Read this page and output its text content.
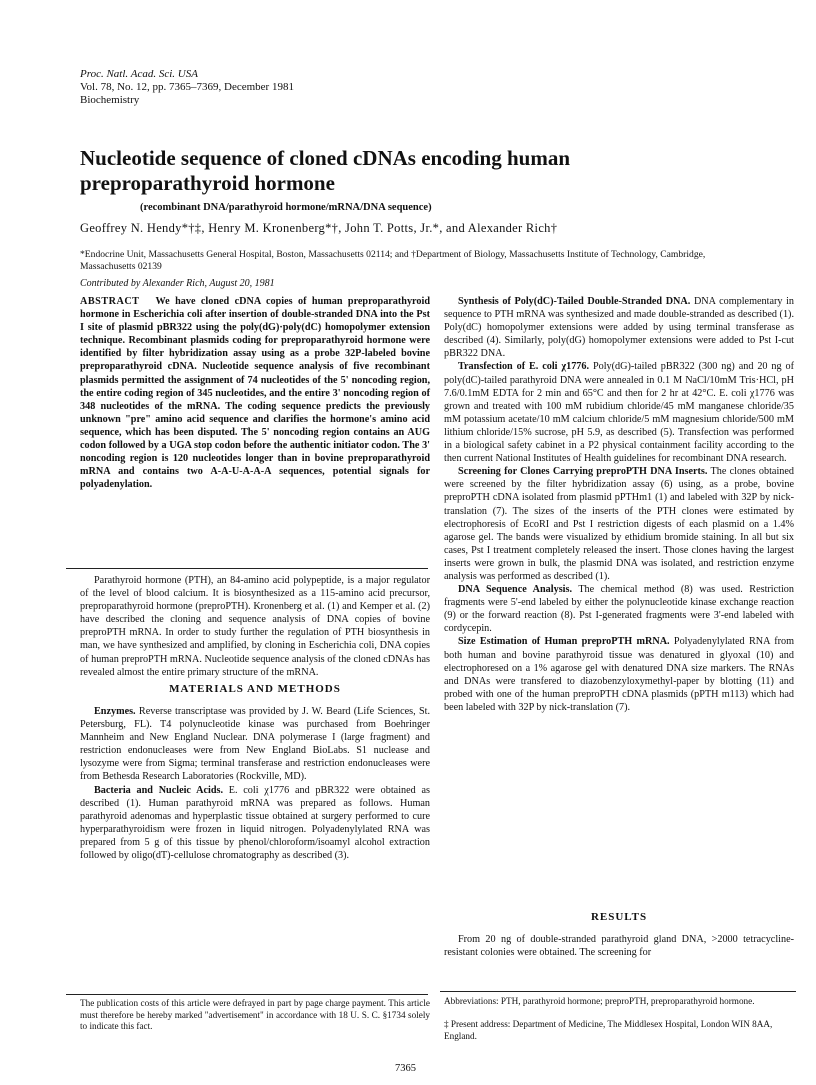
Proc. Natl. Acad. Sci. USA
Vol. 78, No. 12, pp. 7365–7369, December 1981
Biochemistry
Nucleotide sequence of cloned cDNAs encoding human preproparathyroid hormone
(recombinant DNA/parathyroid hormone/mRNA/DNA sequence)
Geoffrey N. Hendy*†‡, Henry M. Kronenberg*†, John T. Potts, Jr.*, and Alexander Rich†
*Endocrine Unit, Massachusetts General Hospital, Boston, Massachusetts 02114; and †Department of Biology, Massachusetts Institute of Technology, Cambridge, Massachusetts 02139
Contributed by Alexander Rich, August 20, 1981
ABSTRACT We have cloned cDNA copies of human preproparathyroid hormone in Escherichia coli after insertion of double-stranded DNA into the Pst I site of plasmid pBR322 using the poly(dG)·poly(dC) homopolymer extension technique. Recombinant plasmids coding for preproparathyroid hormone were identified by filter hybridization assay using as a probe 32P-labeled bovine preproparathyroid cDNA. Nucleotide sequence analysis of five recombinant plasmids permitted the assignment of 74 nucleotides of the 5' noncoding region, the entire coding region of 345 nucleotides, and the entire 3' noncoding region of 348 nucleotides of the mRNA. The coding sequence predicts the previously unknown "pre" amino acid sequence and clarifies the hormone's amino acid sequence, which has been disputed. The 5' noncoding region contains an AUG codon followed by a UGA stop codon before the authentic initiator codon. The 3' noncoding region is 120 nucleotides longer than in bovine preproparathyroid mRNA and contains two A-A-U-A-A-A sequences, potential signals for polyadenylation.
Parathyroid hormone (PTH), an 84-amino acid polypeptide, is a major regulator of the level of blood calcium. It is biosynthesized as a 115-amino acid precursor, preproparathyroid hormone (preproPTH). Kronenberg et al. (1) and Kemper et al. (2) have described the cloning and sequence analysis of DNA copies of bovine preproPTH mRNA. In order to study further the regulation of PTH biosynthesis in man, we have synthesized and amplified, by cloning in Escherichia coli, DNA copies of human preproPTH mRNA. Nucleotide sequence analysis of the cloned cDNAs has revealed almost the entire primary structure of the mRNA.
MATERIALS AND METHODS

Enzymes. Reverse transcriptase was provided by J. W. Beard (Life Sciences, St. Petersburg, FL). T4 polynucleotide kinase was purchased from Boehringer Mannheim and New England Nuclear. DNA polymerase I (large fragment) and restriction endonucleases were from New England BioLabs. S1 nuclease and lysozyme were from Sigma; terminal transferase and restriction endonucleases were from Bethesda Research Laboratories (Rockville, MD).

Bacteria and Nucleic Acids. E. coli χ1776 and pBR322 were obtained as described (1). Human parathyroid mRNA was prepared as follows. Human parathyroid adenomas and hyperplastic tissue obtained at surgery performed to cure hyperparathyroidism were frozen in liquid nitrogen. Polyadenylylated RNA was prepared from 5 g of this tissue by phenol/chloroform/isoamyl alcohol extraction followed by oligo(dT)-cellulose chromatography as described (3).

The publication costs of this article were defrayed in part by page charge payment. This article must therefore be hereby marked "advertisement" in accordance with 18 U. S. C. §1734 solely to indicate this fact.

Synthesis of Poly(dC)-Tailed Double-Stranded DNA. DNA complementary in sequence to PTH mRNA was synthesized and made double-stranded as described (1). Poly(dC) homopolymer extensions were added by using terminal transferase as described (4). Similarly, poly(dG) homopolymer extensions were added to Pst I-cut pBR322 DNA.

Transfection of E. coli χ1776. Poly(dG)-tailed pBR322 (300 ng) and 20 ng of poly(dC)-tailed parathyroid DNA were annealed in 0.1 M NaCl/10mM Tris·HCl, pH 7.6/0.1mM EDTA for 2 min and 65°C and then for 2 hr at 42°C. E. coli χ1776 was grown and treated with 100 mM rubidium chloride/45 mM manganese chloride/35 mM potassium acetate/10 mM calcium chloride/5 mM magnesium chloride/500 mM lithium chloride/15% sucrose, pH 5.9, as described (5). Transfection was performed in a biological safety cabinet in a P2 physical containment facility according to the then current National Institutes of Health guidelines for recombinant DNA research.

Screening for Clones Carrying preproPTH DNA Inserts. The clones obtained were screened by the filter hybridization assay (6) using, as a probe, bovine preproPTH cDNA isolated from plasmid pPTHm1 (1) and labeled with 32P by nick-translation (7). The sizes of the inserts of the PTH clones were estimated by electrophoresis of EcoRI and Pst I restriction digests of each plasmid on a 1.4% agarose gel. The bands were visualized by ethidium bromide staining. In all but six cases, Pst I treatment completely released the insert. Those clones having the largest inserts were grown in bulk, the plasmid DNA was isolated, and restriction enzyme analysis was performed as described (1).

DNA Sequence Analysis. The chemical method (8) was used. Restriction fragments were 5'-end labeled by either the polynucleotide kinase exchange reaction (9) or the forward reaction (8). Pst I-generated fragments were 3'-end labeled with cordycepin.

Size Estimation of Human preproPTH mRNA. Polyadenylylated RNA from both human and bovine parathyroid tissue was denatured in glyoxal (10) and electrophoresed on a 1% agarose gel with denatured DNA size markers. The RNAs and DNAs were transfered to diazobenzyloxymethyl-paper by blotting (11) and probed with one of the human preproPTH cDNA plasmids (pPTH m113) which had been labeled with 32P by nick-translation (7).

RESULTS
From 20 ng of double-stranded parathyroid gland DNA, >2000 tetracycline-resistant colonies were obtained. The screening for
Abbreviations: PTH, parathyroid hormone; preproPTH, preproparathyroid hormone.
‡ Present address: Department of Medicine, The Middlesex Hospital, London WIN 8AA, England.
7365
